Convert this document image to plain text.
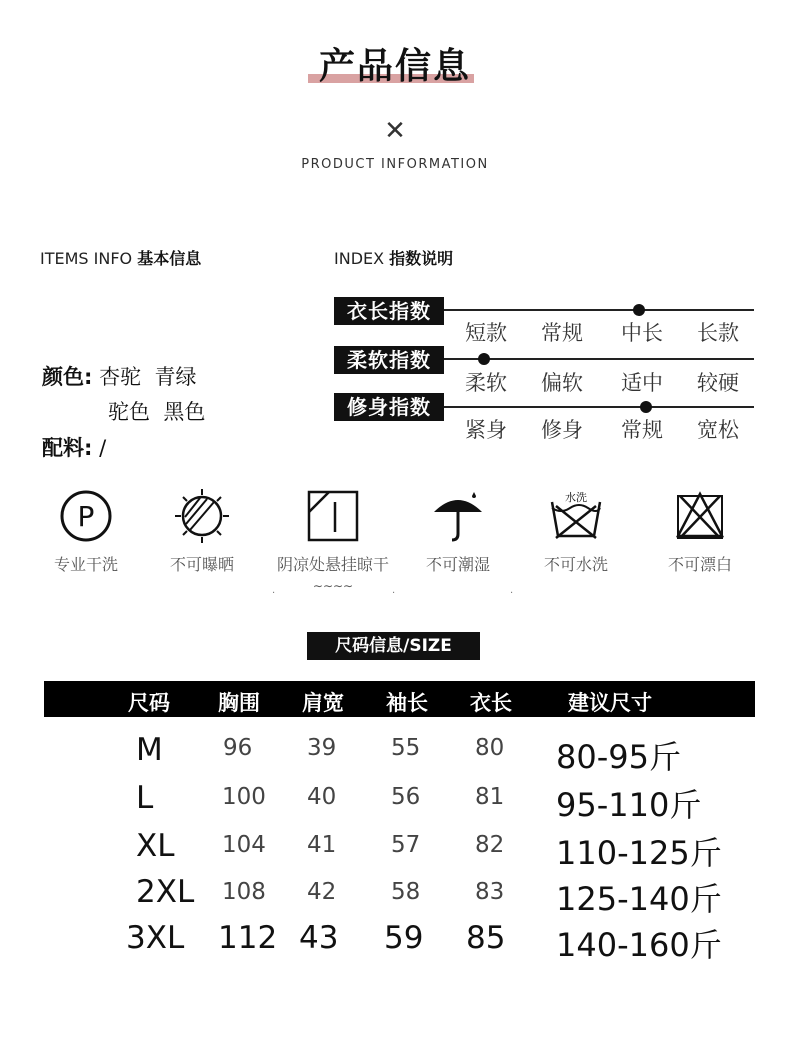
产品信息
✕
PRODUCT INFORMATION
ITEMS INFO 基本信息
颜色: 杏驼  青绿
驼色  黑色
配料: /
INDEX 指数说明
衣长指数
短款	常规	中长	长款
柔软指数
柔软	偏软	适中	较硬
修身指数
紧身	修身	常规	宽松
P
专业干洗	不可曝晒	阴凉处悬挂晾干
∼∼∼∼
不可潮湿
水洗
不可水洗	不可漂白
·	·	·
尺码信息/SIZE
尺码 胸围 肩宽 袖长 衣长	建议尺寸
M	96 39 55 80 80-95斤
L	100 40 56 81 95-110斤
XL 104 41 57 82 110-125斤
2XL 108 42 58 83 125-140斤
3XL 112 43 59 85 140-160斤
